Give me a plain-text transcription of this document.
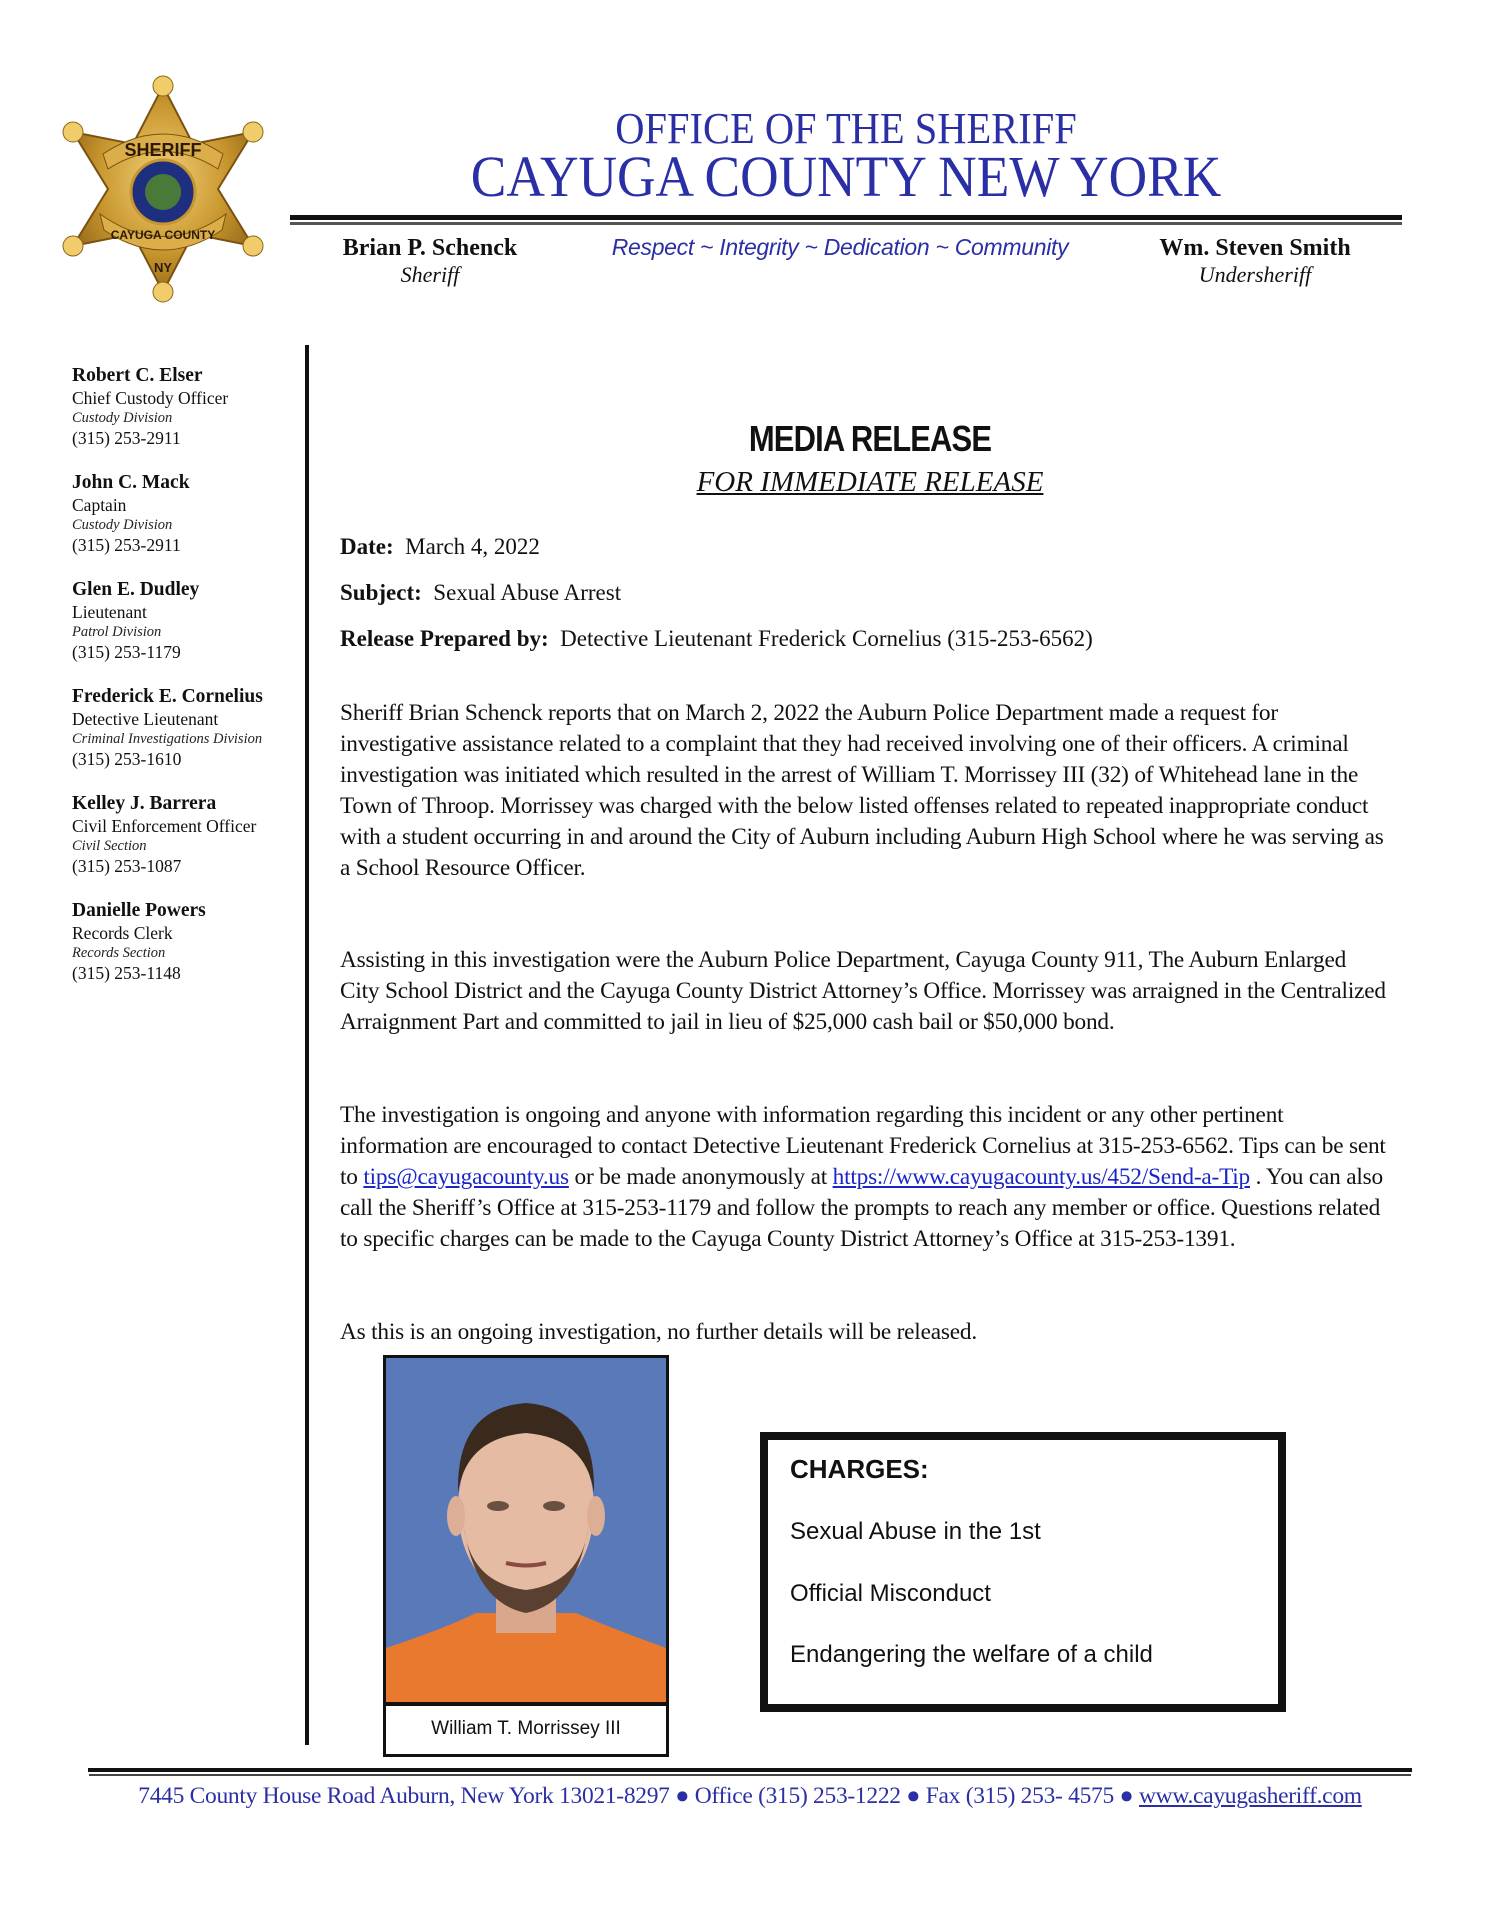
SHERIFF
CAYUGA COUNTY
NY
OFFICE OF THE SHERIFF
CAYUGA COUNTY NEW YORK
Brian P. Schenck
Sheriff
Respect ~ Integrity ~ Dedication ~ Community	Wm. Steven Smith
Undersheriff
Robert C. Elser
Chief Custody Officer
Custody Division
(315) 253-2911
John C. Mack
Captain
Custody Division
(315) 253-2911
Glen E. Dudley
Lieutenant
Patrol Division
(315) 253-1179
Frederick E. Cornelius
Detective Lieutenant
Criminal Investigations Division
(315) 253-1610
Kelley J. Barrera
Civil Enforcement Officer
Civil Section
(315) 253-1087
Danielle Powers
Records Clerk
Records Section
(315) 253-1148
MEDIA RELEASE
FOR IMMEDIATE RELEASE
Date: March 4, 2022
Subject: Sexual Abuse Arrest
Release Prepared by: Detective Lieutenant Frederick Cornelius (315-253-6562)
Sheriff Brian Schenck reports that on March 2, 2022 the Auburn Police Department made a request for investigative assistance related to a complaint that they had received involving one of their officers. A criminal investigation was initiated which resulted in the arrest of William T. Morrissey III (32) of Whitehead lane in the Town of Throop. Morrissey was charged with the below listed offenses related to repeated inappropriate conduct with a student occurring in and around the City of Auburn including Auburn High School where he was serving as a School Resource Officer.
Assisting in this investigation were the Auburn Police Department, Cayuga County 911, The Auburn Enlarged City School District and the Cayuga County District Attorney’s Office. Morrissey was arraigned in the Centralized Arraignment Part and committed to jail in lieu of $25,000 cash bail or $50,000 bond.
The investigation is ongoing and anyone with information regarding this incident or any other pertinent information are encouraged to contact Detective Lieutenant Frederick Cornelius at 315-253-6562. Tips can be sent to tips@cayugacounty.us or be made anonymously at https://www.cayugacounty.us/452/Send-a-Tip . You can also call the Sheriff’s Office at 315-253-1179 and follow the prompts to reach any member or office. Questions related to specific charges can be made to the Cayuga County District Attorney’s Office at 315-253-1391.
As this is an ongoing investigation, no further details will be released.
William T. Morrissey III
CHARGES:
Sexual Abuse in the 1st
Official Misconduct
Endangering the welfare of a child
7445 County House Road Auburn, New York 13021-8297 ● Office (315) 253-1222 ● Fax (315) 253- 4575 ● www.cayugasheriff.com
